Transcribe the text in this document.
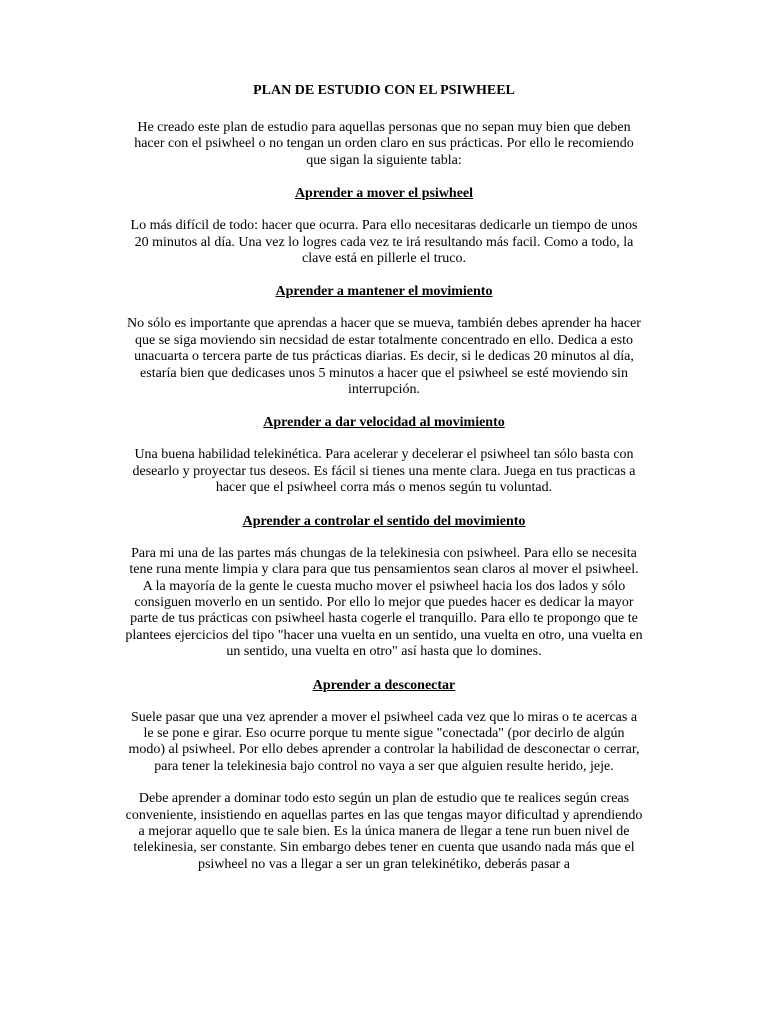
PLAN DE ESTUDIO CON EL PSIWHEEL

He creado este plan de estudio para aquellas personas que no sepan muy bien que deben hacer con el psiwheel o no tengan un orden claro en sus prácticas. Por ello le recomiendo que sigan la siguiente tabla:

Aprender a mover el psiwheel

Lo más difícil de todo: hacer que ocurra. Para ello necesitaras dedicarle un tiempo de unos 20 minutos al día. Una vez lo logres cada vez te irá resultando más facil. Como a todo, la clave está en pillerle el truco.

Aprender a mantener el movimiento

No sólo es importante que aprendas a hacer que se mueva, también debes aprender ha hacer que se siga moviendo sin necsidad de estar totalmente concentrado en ello. Dedica a esto unacuarta o tercera parte de tus prácticas diarias. Es decir, si le dedicas 20 minutos al día, estaría bien que dedicases unos 5 minutos a hacer que el psiwheel se esté moviendo sin interrupción.

Aprender a dar velocidad al movimiento

Una buena habilidad telekinética. Para acelerar y decelerar el psiwheel tan sólo basta con desearlo y proyectar tus deseos. Es fácil si tienes una mente clara. Juega en tus practicas a hacer que el psiwheel corra más o menos según tu voluntad.

Aprender a controlar el sentido del movimiento

Para mi una de las partes más chungas de la telekinesia con psiwheel. Para ello se necesita tene runa mente limpia y clara para que tus pensamientos sean claros al mover el psiwheel. A la mayoría de la gente le cuesta mucho mover el psiwheel hacia los dos lados y sólo consiguen moverlo en un sentido. Por ello lo mejor que puedes hacer es dedicar la mayor parte de tus prácticas con psiwheel hasta cogerle el tranquillo. Para ello te propongo que te plantees ejercicios del tipo "hacer una vuelta en un sentido, una vuelta en otro, una vuelta en un sentido, una vuelta en otro" así hasta que lo domines.

Aprender a desconectar

Suele pasar que una vez aprender a mover el psiwheel cada vez que lo miras o te acercas a le se pone e girar. Eso ocurre porque tu mente sigue "conectada" (por decirlo de algún modo) al psiwheel. Por ello debes aprender a controlar la habilidad de desconectar o cerrar, para tener la telekinesia bajo control no vaya a ser que alguien resulte herido, jeje.

Debe aprender a dominar todo esto según un plan de estudio que te realices según creas conveniente, insistiendo en aquellas partes en las que tengas mayor dificultad y aprendiendo a mejorar aquello que te sale bien. Es la única manera de llegar a tene run buen nivel de telekinesia, ser constante. Sin embargo debes tener en cuenta que usando nada más que el psiwheel no vas a llegar a ser un gran telekinétiko, deberás pasar a
